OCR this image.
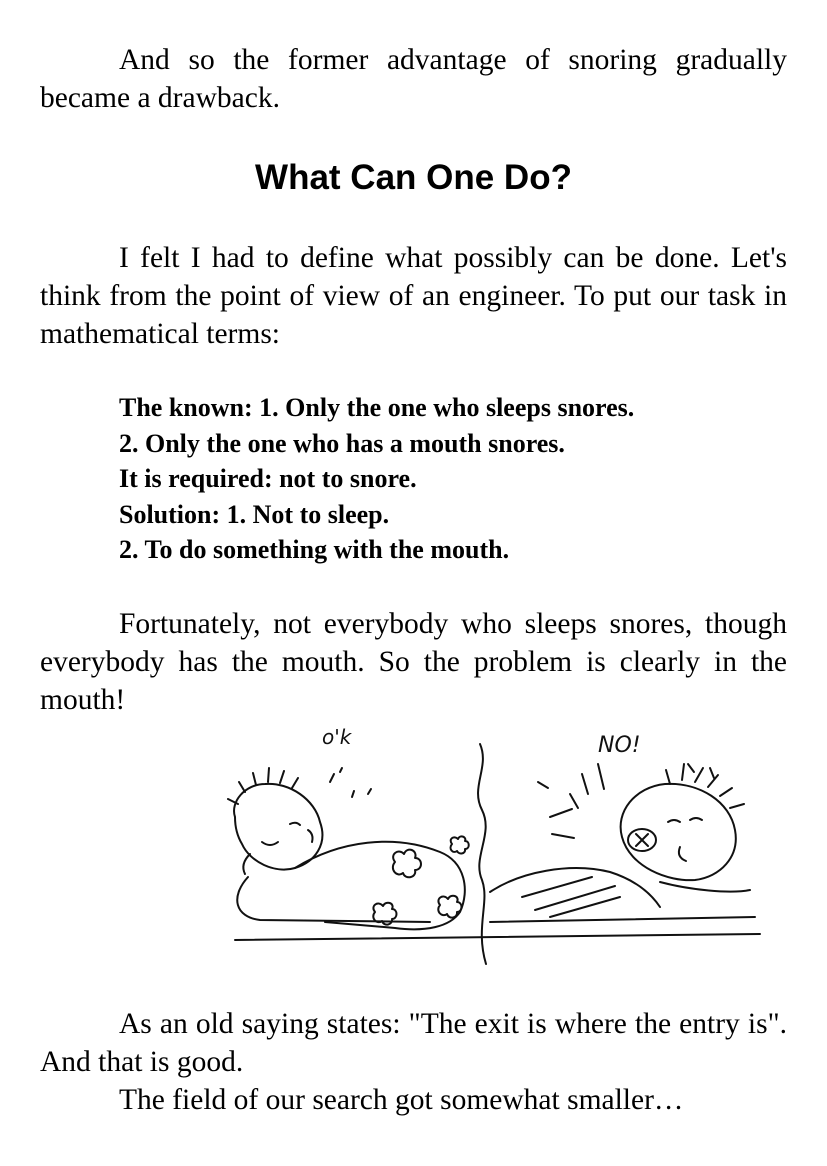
And so the former advantage of snoring gradually became a drawback.

What Can One Do?

I felt I had to define what possibly can be done. Let's think from the point of view of an engineer. To put our task in mathematical terms:

The known: 1. Only the one who sleeps snores.
2. Only the one who has a mouth snores.
It is required: not to snore.
Solution: 1. Not to sleep.
2. To do something with the mouth.

Fortunately, not everybody who sleeps snores, though everybody has the mouth. So the problem is clearly in the mouth!

o'k	NO!

As an old saying states: "The exit is where the entry is". And that is good.

The field of our search got somewhat smaller…
